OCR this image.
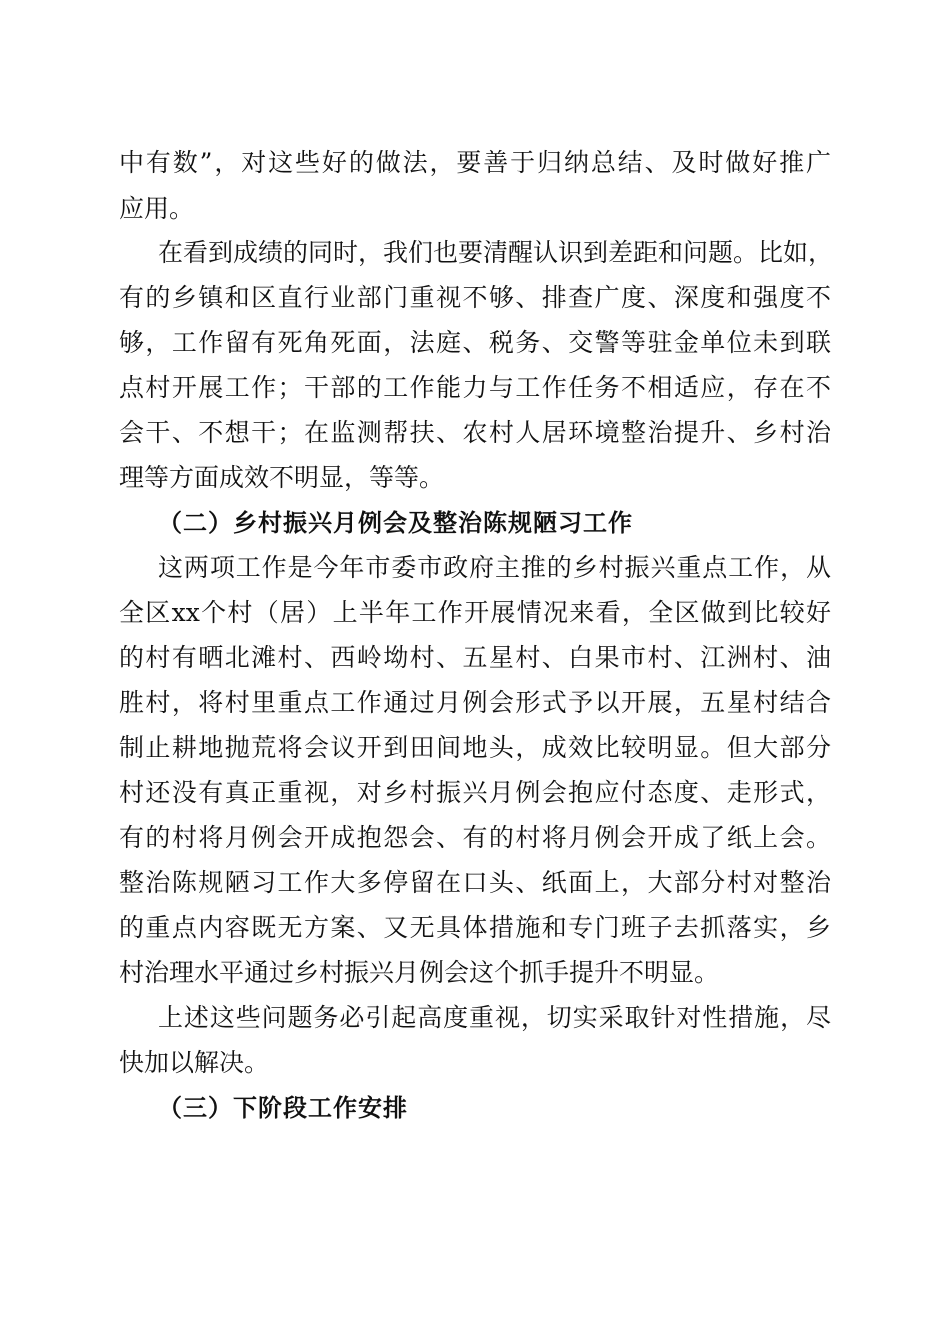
中有数”，对这些好的做法，要善于归纳总结、及时做好推广
应用。
在看到成绩的同时，我们也要清醒认识到差距和问题。比如，
有的乡镇和区直行业部门重视不够、排查广度、深度和强度不
够，工作留有死角死面，法庭、税务、交警等驻金单位未到联
点村开展工作；干部的工作能力与工作任务不相适应，存在不
会干、不想干；在监测帮扶、农村人居环境整治提升、乡村治
理等方面成效不明显，等等。
（二）乡村振兴月例会及整治陈规陋习工作
这两项工作是今年市委市政府主推的乡村振兴重点工作，从
全区xx个村（居）上半年工作开展情况来看，全区做到比较好
的村有晒北滩村、西岭坳村、五星村、白果市村、江洲村、油
胜村，将村里重点工作通过月例会形式予以开展，五星村结合
制止耕地抛荒将会议开到田间地头，成效比较明显。但大部分
村还没有真正重视，对乡村振兴月例会抱应付态度、走形式，
有的村将月例会开成抱怨会、有的村将月例会开成了纸上会。
整治陈规陋习工作大多停留在口头、纸面上，大部分村对整治
的重点内容既无方案、又无具体措施和专门班子去抓落实，乡
村治理水平通过乡村振兴月例会这个抓手提升不明显。
上述这些问题务必引起高度重视，切实采取针对性措施，尽
快加以解决。
（三）下阶段工作安排
